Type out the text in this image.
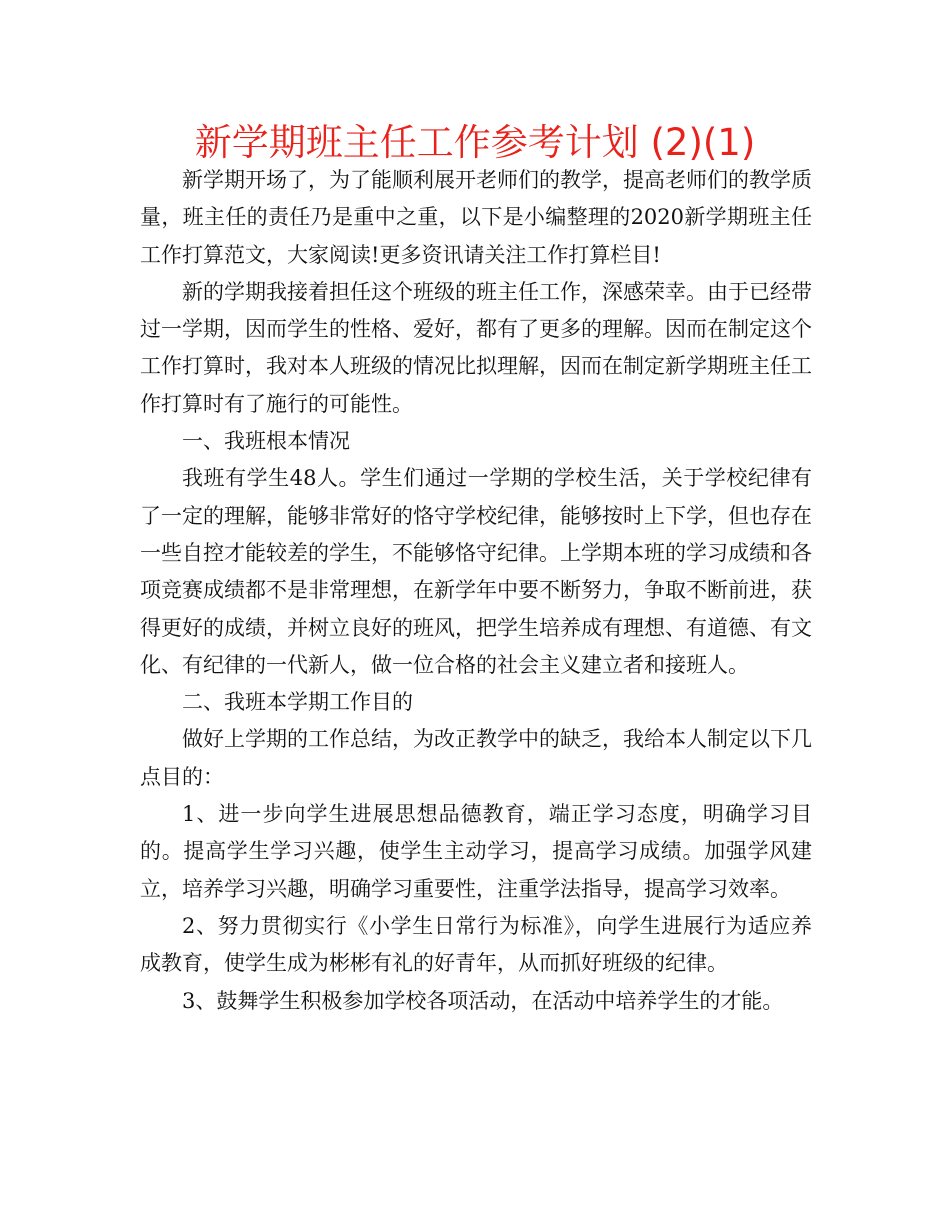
新学期班主任工作参考计划 (2)(1)

新学期开场了，为了能顺利展开老师们的教学，提高老师们的教学质量，班主任的责任乃是重中之重，以下是小编整理的2020新学期班主任工作打算范文，大家阅读!更多资讯请关注工作打算栏目!

新的学期我接着担任这个班级的班主任工作，深感荣幸。由于已经带过一学期，因而学生的性格、爱好，都有了更多的理解。因而在制定这个工作打算时，我对本人班级的情况比拟理解，因而在制定新学期班主任工作打算时有了施行的可能性。

一、我班根本情况

我班有学生48人。学生们通过一学期的学校生活，关于学校纪律有了一定的理解，能够非常好的恪守学校纪律，能够按时上下学，但也存在一些自控才能较差的学生，不能够恪守纪律。上学期本班的学习成绩和各项竞赛成绩都不是非常理想，在新学年中要不断努力，争取不断前进，获得更好的成绩，并树立良好的班风，把学生培养成有理想、有道德、有文化、有纪律的一代新人，做一位合格的社会主义建立者和接班人。

二、我班本学期工作目的

做好上学期的工作总结，为改正教学中的缺乏，我给本人制定以下几点目的：

1、进一步向学生进展思想品德教育，端正学习态度，明确学习目的。提高学生学习兴趣，使学生主动学习，提高学习成绩。加强学风建立，培养学习兴趣，明确学习重要性，注重学法指导，提高学习效率。

2、努力贯彻实行《小学生日常行为标准》，向学生进展行为适应养成教育，使学生成为彬彬有礼的好青年，从而抓好班级的纪律。

3、鼓舞学生积极参加学校各项活动，在活动中培养学生的才能。
